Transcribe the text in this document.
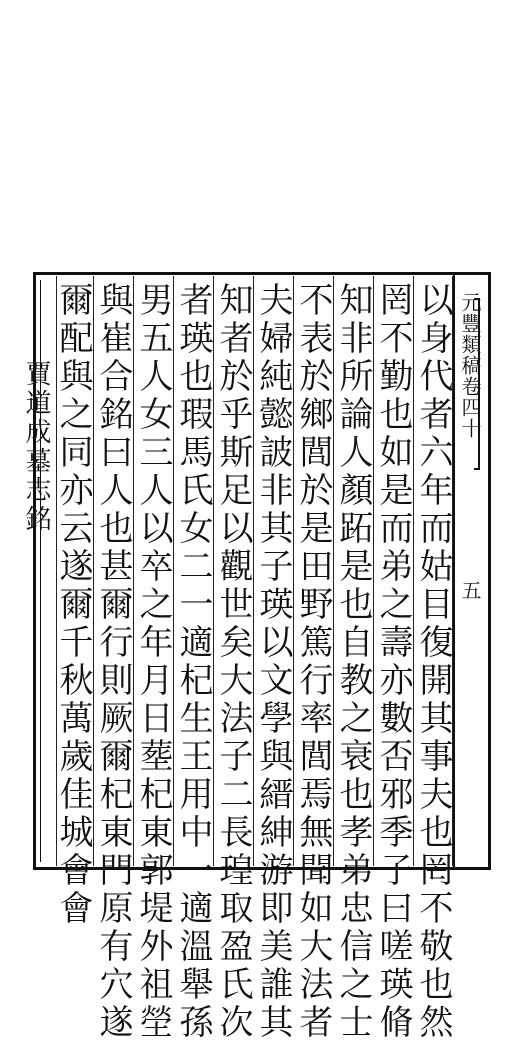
元豐類稿卷四十
五
以身代者六年而姑目復開其事夫也罔不敬也然
罔不勤也如是而弟之壽亦數否邪季子曰嗟瑛脩
知非所論人顏跖是也自教之衰也孝弟忠信之士
不表於鄉閭於是田野篤行率閭焉無聞如大法者
夫婦純懿詖非其子瑛以文學與縉紳游即美誰其
知者於乎斯足以觀世矣大法子二長瑝取盈氏次
者瑛也瑕馬氏女二一適杞生王用中一適溫舉孫
男五人女三人以卒之年月日塟杞東郭堤外祖塋
與崔合銘曰人也甚爾行則厥爾杞東門原有穴遂
爾配與之同亦云遂爾千秋萬歲佳城會會
賈道成墓志銘
